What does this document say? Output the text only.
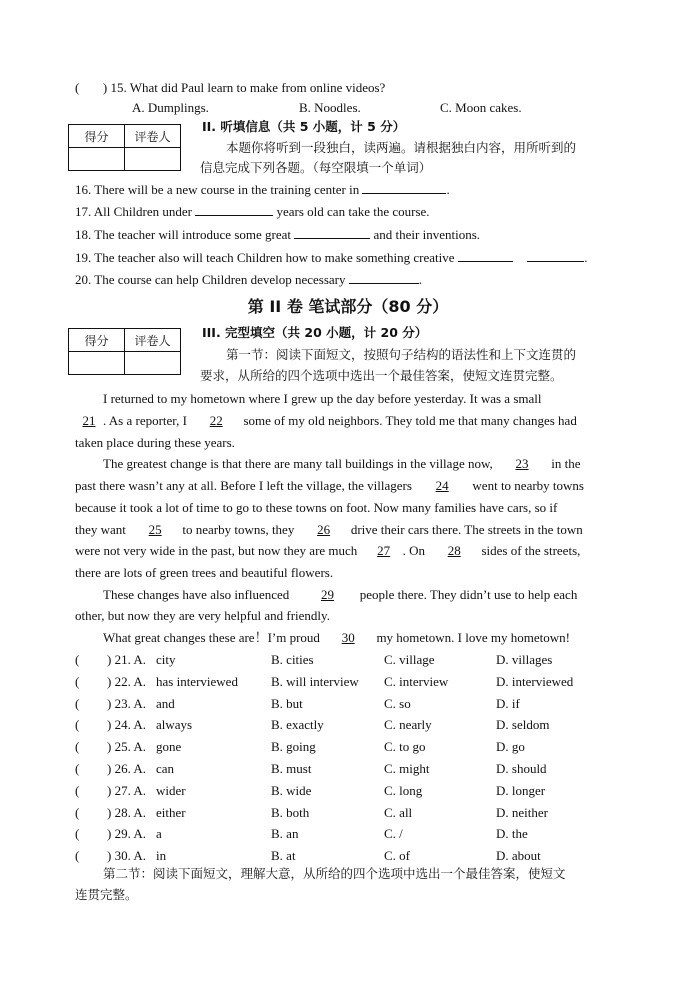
( ) 15. What did Paul learn to make from online videos?
A. Dumplings.	B. Noodles.	C. Moon cakes.
得分	评卷人

II. 听填信息（共 5 小题，计 5 分）
本题你将听到一段独白，读两遍。请根据独白内容，用所听到的
信息完成下列各题。（每空限填一个单词）
16. There will be a new course in the training center in	.
17. All Children under	years old can take the course.
18. The teacher will introduce some great	and their inventions.
19. The teacher also will teach Children how to make something creative	.
20. The course can help Children develop necessary	.
第 II 卷 笔试部分（80 分）
得分	评卷人

III. 完型填空（共 20 小题，计 20 分）
第一节：阅读下面短文，按照句子结构的语法性和上下文连贯的
要求，从所给的四个选项中选出一个最佳答案，使短文连贯完整。
I returned to my hometown where I grew up the day before yesterday. It was a small
21 . As a reporter, I 22 some of my old neighbors. They told me that many changes had
taken place during these years.
The greatest change is that there are many tall buildings in the village now, 23 in the
past there wasn’t any at all. Before I left the village, the villagers 24 went to nearby towns
because it took a lot of time to go to these towns on foot. Now many families have cars, so if
they want 25 to nearby towns, they 26 drive their cars there. The streets in the town
were not very wide in the past, but now they are much 27 . On 28 sides of the streets,
there are lots of green trees and beautiful flowers.
These changes have also influenced 29 people there. They didn’t use to help each
other, but now they are very helpful and friendly.
What great changes these are！I’m proud 30 my hometown. I love my hometown!
( ) 21. A. city	B. cities	C. village	D. villages
( ) 22. A. has interviewed	B. will interview C. interview	D. interviewed
( ) 23. A. and	B. but	C. so	D. if
( ) 24. A. always	B. exactly	C. nearly	D. seldom
( ) 25. A. gone	B. going	C. to go	D. go
( ) 26. A. can	B. must	C. might	D. should
( ) 27. A. wider	B. wide	C. long	D. longer
( ) 28. A. either	B. both	C. all	D. neither
( ) 29. A. a	B. an	C. /	D. the
( ) 30. A. in	B. at	C. of	D. about
第二节：阅读下面短文，理解大意，从所给的四个选项中选出一个最佳答案，使短文
连贯完整。
